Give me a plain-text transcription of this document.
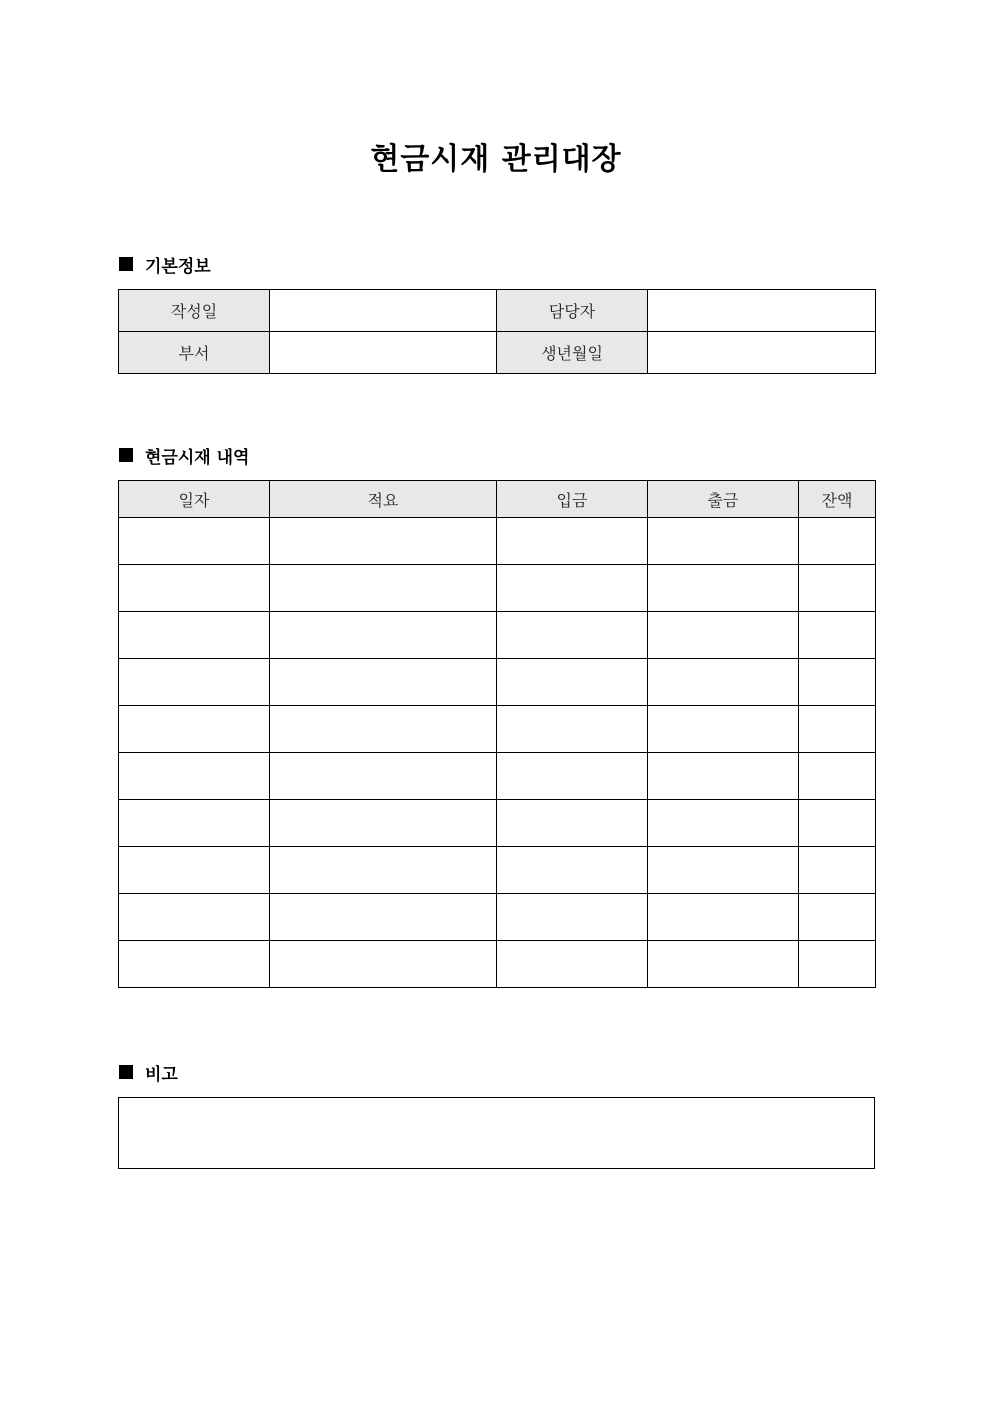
현금시재 관리대장
기본정보
작성일		담당자	
부서		생년월일	
현금시재 내역
일자	적요	입금	출금	잔액

비고
